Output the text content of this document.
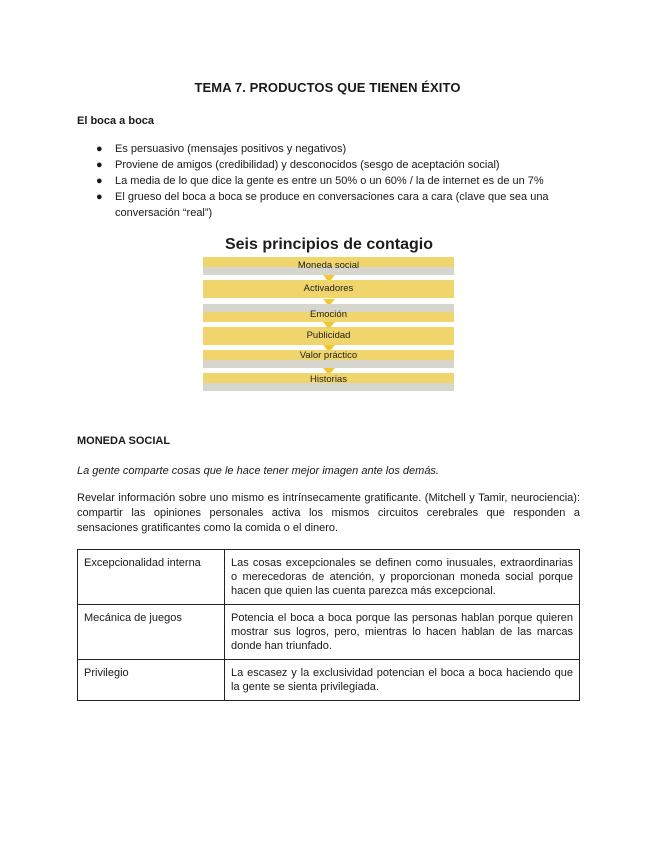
TEMA 7. PRODUCTOS QUE TIENEN ÉXITO
El boca a boca
● Es persuasivo (mensajes positivos y negativos)
● Proviene de amigos (credibilidad) y desconocidos (sesgo de aceptación social)
● La media de lo que dice la gente es entre un 50% o un 60% / la de internet es de un 7%
● El grueso del boca a boca se produce en conversaciones cara a cara (clave que sea una conversación “real”)
Seis principios de contagio
Moneda social
Activadores
Emoción
Publicidad
Valor práctico
Historias
MONEDA SOCIAL
La gente comparte cosas que le hace tener mejor imagen ante los demás.
Revelar información sobre uno mismo es intrínsecamente gratificante. (Mitchell y Tamir, neurociencia): compartir las opiniones personales activa los mismos circuitos cerebrales que responden a sensaciones gratificantes como la comida o el dinero.
Excepcionalidad interna	Las cosas excepcionales se definen como inusuales, extraordinarias o merecedoras de atención, y proporcionan moneda social porque hacen que quien las cuenta parezca más excepcional.
Mecánica de juegos	Potencia el boca a boca porque las personas hablan porque quieren mostrar sus logros, pero, mientras lo hacen hablan de las marcas donde han triunfado.
Privilegio	La escasez y la exclusividad potencian el boca a boca haciendo que la gente se sienta privilegiada.
